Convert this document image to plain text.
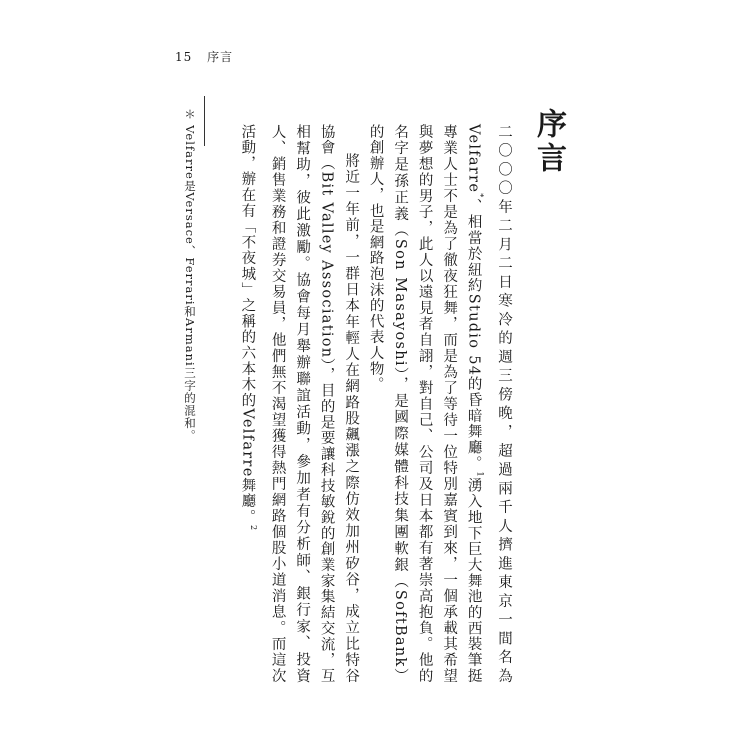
15 序言
序言

二〇〇〇年二月二日寒冷的週三傍晚，超過兩千人擠進東京一間名為Velfarre*、相當於紐約Studio 54的昏暗舞廳。$^1$湧入地下巨大舞池的西裝筆挺專業人士不是為了徹夜狂舞，而是為了等待一位特別嘉賓到來，一個承載其希望與夢想的男子，此人以遠見者自詡，對自己、公司及日本都有著崇高抱負。他的名字是孫正義（Son Masayoshi），是國際媒體科技集團軟銀（SoftBank）的創辦人，也是網路泡沫的代表人物。

將近一年前，一群日本年輕人在網路股飆漲之際仿效加州矽谷，成立比特谷協會（Bit Valley Association），目的是要讓科技敏銳的創業家集結交流，互相幫助，彼此激勵。協會每月舉辦聯誼活動，參加者有分析師、銀行家、投資人、銷售業務和證券交易員，他們無不渴望獲得熱門網路個股小道消息。而這次活動，辦在有「不夜城」之稱的六本木的Velfarre舞廳。$^2$

＊ Velfarre是Versace、Ferrari和Armani三字的混和。
